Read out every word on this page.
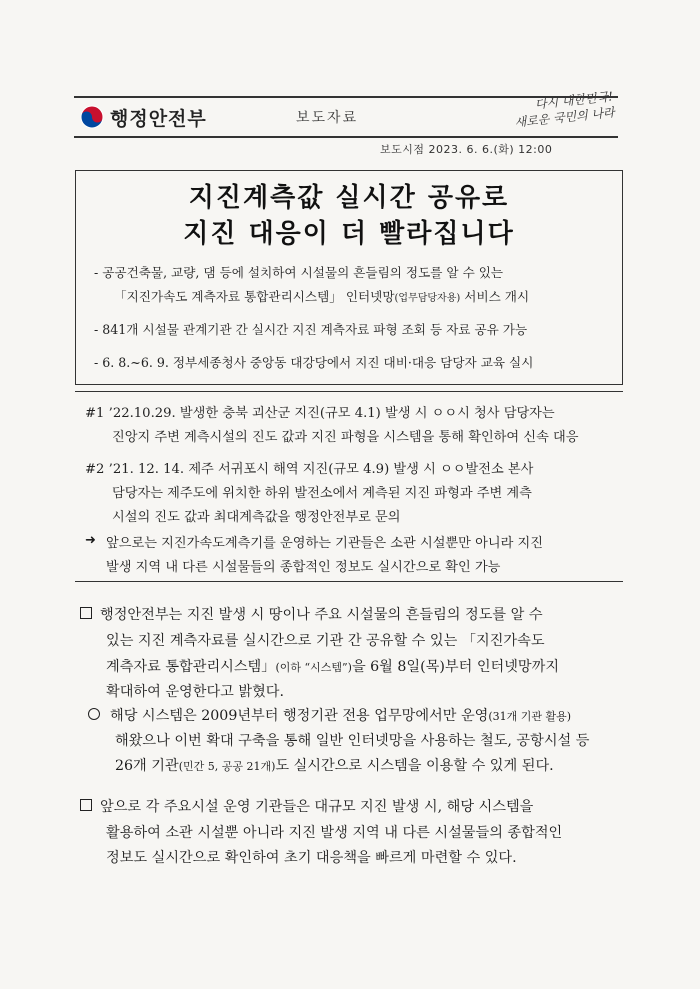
행정안전부	보도자료
다시 대한민국!
새로운 국민의 나라
보도시점 2023. 6. 6.(화) 12:00
지진계측값 실시간 공유로
지진 대응이 더 빨라집니다
- 공공건축물, 교량, 댐 등에 설치하여 시설물의 흔들림의 정도를 알 수 있는
「지진가속도 계측자료 통합관리시스템」 인터넷망(업무담당자용) 서비스 개시
- 841개 시설물 관계기관 간 실시간 지진 계측자료 파형 조회 등 자료 공유 가능
- 6. 8.~6. 9. 정부세종청사 중앙동 대강당에서 지진 대비·대응 담당자 교육 실시
#1 ’22.10.29. 발생한 충북 괴산군 지진(규모 4.1) 발생 시 ㅇㅇ시 청사 담당자는
진앙지 주변 계측시설의 진도 값과 지진 파형을 시스템을 통해 확인하여 신속 대응
#2 ’21. 12. 14. 제주 서귀포시 해역 지진(규모 4.9) 발생 시 ㅇㅇ발전소 본사
담당자는 제주도에 위치한 하위 발전소에서 계측된 지진 파형과 주변 계측
시설의 진도 값과 최대계측값을 행정안전부로 문의
➜ 앞으로는 지진가속도계측기를 운영하는 기관들은 소관 시설뿐만 아니라 지진
발생 지역 내 다른 시설물들의 종합적인 정보도 실시간으로 확인 가능
행정안전부는 지진 발생 시 땅이나 주요 시설물의 흔들림의 정도를 알 수
있는 지진 계측자료를 실시간으로 기관 간 공유할 수 있는 「지진가속도
계측자료 통합관리시스템」(이하 “시스템”)을 6월 8일(목)부터 인터넷망까지
확대하여 운영한다고 밝혔다.
해당 시스템은 2009년부터 행정기관 전용 업무망에서만 운영(31개 기관 활용)
해왔으나 이번 확대 구축을 통해 일반 인터넷망을 사용하는 철도, 공항시설 등
26개 기관(민간 5, 공공 21개)도 실시간으로 시스템을 이용할 수 있게 된다.
앞으로 각 주요시설 운영 기관들은 대규모 지진 발생 시, 해당 시스템을
활용하여 소관 시설뿐 아니라 지진 발생 지역 내 다른 시설물들의 종합적인
정보도 실시간으로 확인하여 초기 대응책을 빠르게 마련할 수 있다.
